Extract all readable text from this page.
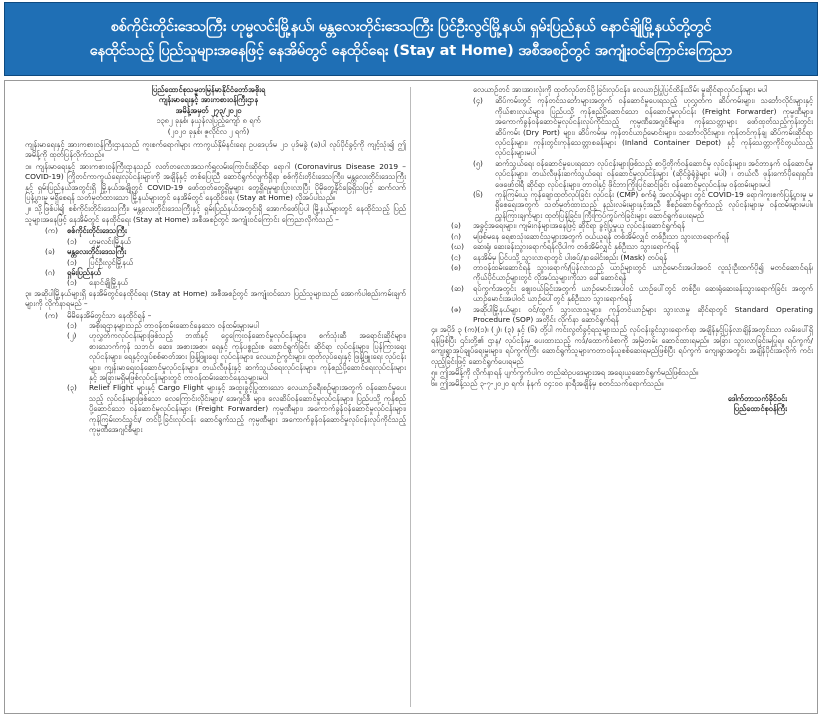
စစ်ကိုင်းတိုင်းဒေသကြီး ဟုမ္မလင်းမြို့နယ်၊ မန္တလေးတိုင်းဒေသကြီး ပြင်ဦးလွင်မြို့နယ်၊ ရှမ်းပြည်နယ် နောင်ချိုမြို့နယ်တို့တွင်
နေထိုင်သည့် ပြည်သူများအနေဖြင့် နေအိမ်တွင် နေထိုင်ရေး (Stay at Home) အစီအစဉ်တွင် အကျုံးဝင်ကြောင်းကြေညာ
ပြည်ထောင်စုသမ္မတမြန်မာနိုင်ငံတော်အစိုးရ
ကျန်းမာရေးနှင့် အားကစားဝန်ကြီးဌာန
အမိန့်အမှတ် ၂၇၃/၂၀၂၀
၁၃၈၂ ခုနှစ်၊ နယုန်လပြည့်ကျော် ၈ ရက်
(၂၀၂၀ ခုနှစ်၊ ဇူလိုင်လ ၂ ရက်)

ကျန်းမာရေးနှင့် အားကစားဝန်ကြီးဌာနသည် ကူးစက်ရောဂါများ ကာကွယ်နှိမ်နင်းရေး ဥပဒေပုဒ်မ ၂၁ ပုဒ်မခွဲ (ခ)ပါ လုပ်ပိုင်ခွင့်ကို ကျင့်သုံး၍ ဤအမိန့်ကို ထုတ်ပြန်လိုက်သည်။

၁။ ကျန်းမာရေးနှင့် အားကစားဝန်ကြီးဌာနသည် လတ်တလောအသက်ရှူလမ်းကြောင်းဆိုင်ရာ ရောဂါ (Coronavirus Disease 2019 – COVID-19) ကြိုတင်ကာကွယ်ရေးလုပ်ငန်းများကို အချိန်နှင့် တစ်ပြေးညီ ဆောင်ရွက်လျက်ရှိရာ စစ်ကိုင်းတိုင်းဒေသကြီး၊ မန္တလေးတိုင်းဒေသကြီးနှင့် ရှမ်းပြည်နယ်အတွင်းရှိ မြို့နယ်အချို့တွင် COVID-19 ဖော်ထုတ်တွေ့ရှိမှုများ တွေ့ရှိရမှုများပြားလာပြီး ပိုမိုတွေ့နိုင်ခြေရှိသဖြင့် ဆက်လက်ပြန့်ပွားမှု မရှိစေရန် သတ်မှတ်ထားသော မြို့နယ်များတွင် နေအိမ်တွင် နေထိုင်ရေး (Stay at Home) လိုအပ်ပါသည်။

၂။ သို့ဖြစ်ပါ၍ စစ်ကိုင်းတိုင်းဒေသကြီး၊ မန္တလေးတိုင်းဒေသကြီးနှင့် ရှမ်းပြည်နယ်အတွင်းရှိ အောက်ဖော်ပြပါ မြို့နယ်များတွင် နေထိုင်သည့် ပြည်သူများအနေဖြင့် နေအိမ်တွင် နေထိုင်ရေး (Stay at Home) အစီအစဉ်တွင် အကျုံးဝင်ကြောင်း ကြေညာလိုက်သည် –

(က)	စစ်ကိုင်းတိုင်းဒေသကြီး
(၁)	ဟုမ္မလင်းမြို့နယ်
(ခ)	မန္တလေးတိုင်းဒေသကြီး
(၁)	ပြင်ဦးလွင်မြို့နယ်
(ဂ)	ရှမ်းပြည်နယ်
(၁)	နောင်ချိုမြို့နယ်

၃။ အဆိုပါမြို့နယ်များရှိ နေအိမ်တွင်နေထိုင်ရေး (Stay at Home) အစီအစဉ်တွင် အကျုံးဝင်သော ပြည်သူများသည် အောက်ပါစည်းကမ်းချက်များကို လိုက်နာရမည် –

(က)	မိမိနေအိမ်တွင်သာ နေထိုင်ရန် –
(၁)	အစိုးရဌာနများသည် တာဝန်ထမ်းဆောင်နေသော ဝန်ထမ်းများမပါ
(၂)	ဟုလွှတ်ကလုပ်ငန်းများဖြစ်သည့် ဘဏ်နှင့် ငွေကြေးဝန်ဆောင်မှုလုပ်ငန်းများ၊ စက်သုံးဆီ အရောင်းဆိုင်များ၊ စားသောက်ကုန် သဘင်၊ ဆေး၊ အစားအစာ၊ ရေနှင့် ကုန်ပစ္စည်းစ ဆောင်ရွက်ခြင်း ဆိုင်ရာ လုပ်ငန်းများ၊ ပြန်ကြားရေးလုပ်ငန်းများ၊ ရေနှင့်လျှပ်စစ်ဓာတ်အား ဖြန့်ဖြူးရေး လုပ်ငန်းများ၊ လေယာဉ်ကွင်းများ၊ ထုတ်လုပ်ရေးနှင့် ဖြန့်ဖြူးရေး လုပ်ငန်းများ၊ ကျန်းမာရေးဝန်ဆောင်မှုလုပ်ငန်းများ၊ တယ်လီဖုန်းနှင့် ဆက်သွယ်ရေးလုပ်ငန်းများ၊ ကုန်စည်ပို့ဆောင်ရေးလုပ်ငန်းများနှင့် အခြားမရှိမဖြစ်လုပ်ငန်းများတွင် တာဝန်ထမ်းဆောင်နေသူများမပါ
(၃)	Relief Flight များနှင့် Cargo Flight များနှင့် အထူးခွင့်ပြုထားသော လေယာဉ်ခရီးစဉ်များအတွက် ဝန်ဆောင်မှုပေးသည့် လုပ်ငန်းများဖြစ်သော လေကြောင်းလိုင်းများ/ အေဂျင်စီ များ၊ လေဆိပ်ဝန်ဆောင်မှုလုပ်ငန်းများ၊ ပြည်ပသို့ ကုန်စည်ပို့ဆောင်သော ဝန်ဆောင်မှုလုပ်ငန်းများ (Freight Forwarder) ကုမ္ပဏီများ၊ အကောက်ခွန်ဝန်ဆောင်မှုလုပ်ငန်းများ၊ ကုန်ကြမ်းတင်သွင်း/ တင်ပို့ခြင်းလုပ်ငန်း ဆောင်ရွက်သည့် ကုမ္ပဏီများ အကောက်ခွန်ဝန်ဆောင်မှုလုပ်ငန်းလုပ်ကိုင်သည့် ကုမ္ပဏီအေဂျင်စီများ

လေယာဉ်တင် အားအားလုံးကို ထုတ်လုပ်တင်ပို့ခြင်းလုပ်ငန်း၊ လေယာဉ်ပြုပြင်ထိန်းသိမ်း မှုဆိုင်ရာလုပ်ငန်းများ မပါ

(၄)	ဆိပ်ကမ်းတွင် ကုန်တင်သင်္ဘောများအတွက် ဝန်ဆောင်မှုပေးရသည့် ဟုလွှတ်က ဆိပ်ကမ်းများ၊ သင်္ဘောလိုင်းများနှင့် ကိုယ်စားလှယ်များ၊ ပြည်ပသို့ ကုန်စည်ပို့ဆောင်သော ဝန်ဆောင်မှုလုပ်ငန်း (Freight Forwarder) ကုမ္ပဏီများ၊ အကောက်ခွန်ဝန်ဆောင်မှုလုပ်ငန်းလုပ်ကိုင်သည့် ကုမ္ပဏီအေဂျင်စီများ၊ ကုန်သေတ္တာများ ဖော်ထုတ်သည့်ကုန်းတွင်း ဆိပ်ကမ်း (Dry Port) များ၊ ဆိပ်ကမ်းမှ ကုန်တင်ယာဉ်မောင်းများ၊ သင်္ဘောလိုင်းများ၊ ကုန်တင်ကုန်ချ ဆိပ်ကမ်းဆိုင်ရာ လုပ်ငန်းများ၊ ကုန်းတွင်းကုန်သေတ္တာစခန်းများ (Inland Container Depot) နှင့် ကုန်သေတ္တာကိုင်တွယ်သည့် လုပ်ငန်းများမပါ
(၅)	ဆက်သွယ်ရေး ဝန်ဆောင်မှုပေးရသော လုပ်ငန်းများဖြစ်သည့် စာပို့တိုက်ဝန်ဆောင်မှု လုပ်ငန်းများ၊ အင်တာနက် ဝန်ဆောင်မှုလုပ်ငန်းများ၊ တယ်လီဖုန်းဆက်သွယ်ရေး ဝန်ဆောင်မှုလုပ်ငန်းများ (ဆိုင်ခွဲရုံခွဲများ မပါ) ၊ တယ်လီ ဖုန်းကော်ပိုရေးရှင်း၊ ဖေဖော်ဝါရီ ဆိုင်ရာ လုပ်ငန်းများ၊ တာဝါနှင့် ဖိုင်ဘာကြိုးပြင်ဆင်ခြင်း ဝန်ဆောင်မှုလုပ်ငန်းမှ ဝန်ထမ်းများမပါ
(၆)	ကုန်ကြမ်းယူ ကုန်ချောထုတ်လုပ်ခြင်း လုပ်ငန်း (CMP) စက်ရုံ အလုပ်ရုံများ တွင် COVID-19 ရောဂါကူးစက်ပြန့်ပွားမှု မရှိစေရေးအတွက် သတ်မှတ်ထားသည့် နည်းလမ်းများနှင့်အညီ စီစဉ်ဆောင်ရွက်သည့် လုပ်ငန်းများမှ ဝန်ထမ်းများမပါ။ ညွှန်ကြားချက်များ ထုတ်ပြန်ခြင်း၊ ကြီးကြပ်ကွပ်ကဲခြင်းများ ဆောင်ရွက်ပေးရမည်
(ခ)	အခွင့်အရေးများ၊ ကျမ်းဂန်များအနေဖြင့် ဆိုင်ရာ ခွင့်ပြုမှုယူ လုပ်ငန်းဆောင်ရွက်ရန်
(ဂ)	မဖြစ်မနေ ရေစာသုံးဆောင်သူများအတွက် ဝယ်ယူရန် တစ်အိမ်လျှင် တစ်ဦးသာ သွားလာရောက်ရန်
(ဃ)	ဆေးရုံ၊ ဆေးခန်းသွားရောက်ရန်လိုပါက တစ်အိမ်လျှင် နှစ်ဦးသာ သွားရောက်ရန်
(င)	နေအိမ်မှ ပြင်ပသို့ သွားလာရာတွင် ပါးစပ်/နှာခေါင်းစည်း (Mask) တပ်ရန်
(စ)	တာဝန်ထမ်းဆောင်ရန် သွားရောက်/ပြန်လာသည့် ယာဉ်များတွင် ယာဉ်မောင်းအပါအဝင် လူသုံးဦးထက်ပို၍ မတင်ဆောင်ရန်၊ ကိုယ်ပိုင်ယာဉ်များတွင် လိုအပ်သူများကိုသာ ခေါ်ဆောင်ရန်
(ဆ)	ရပ်ကွက်အတွင်း ဈေးဝယ်ခြင်းအတွက် ယာဉ်မောင်းအပါဝင် ယာဉ်ပေါ်တွင် တစ်ဦး၊ ဆေးရုံဆေးခန်းသွားရောက်ခြင်း အတွက် ယာဉ်မောင်းအပါဝင် ယာဉ်ပေါ်တွင် နှစ်ဦးသာ သွားရောက်ရန်
(ဇ)	အဆိုပါမြို့နယ်များ ဝင်/ထွက် သွားလာသူများ၊ ကုန်တင်ယာဉ်များ သွားလာမှု ဆိုင်ရာတွင် Standard Operating Procedure (SOP) အတိုင်း လိုက်နာ ဆောင်ရွက်ရန်

၄။ အပိုဒ် ၃ (က)(၁)၊ (၂)၊ (၃) နှင့် (၆) တို့ပါ ကင်းလွတ်ခွင့်ရသူများသည် လုပ်ငန်းခွင်သွားရောက်ရာ အချိန်နှင့်ပြန်လာချိန်အတွင်းသာ လမ်းပေါ်ရှိရန်ဖြစ်ပြီး ၎င်းတို့၏ ဌာန/ လုပ်ငန်းမှ ပေးထားသည့် ကဒ်/ထောက်ခံစာကို အမြဲတမ်း ဆောင်ထားရမည်။ အခြား သွားလာခြင်းမပြုရ။ ရပ်ကွက်/ကျေးရွာအုပ်ချုပ်ရေးမှူးများ၊ ရပ်ကွက်ကြီး ဆောင်ရွက်သူများကတာဝန်ယူစစ်ဆေးရမည်ဖြစ်ပြီး ရပ်ကွက် ကျေးရွာအတွင်း အချိန်ပိုင်းအလိုက် ကင်းလှည့်ခြင်းဖြင့် ဆောင်ရွက်ပေးရမည်

၅။ ဤအမိန့်ကို လိုက်နာရန် ပျက်ကွက်ပါက တည်ဆဲဥပဒေများအရ အရေးယူဆောင်ရွက်မည်ဖြစ်သည်။

၆။ ဤအမိန့်သည် ၃-၇-၂၀၂၀ ရက်၊ နံနက် ၀၄:၀၀ နာရီအချိန်မှ စတင်သက်ရောက်သည်။

ဒေါက်တာသက်ခိုင်ဝင်း
ပြည်ထောင်စုဝန်ကြီး
